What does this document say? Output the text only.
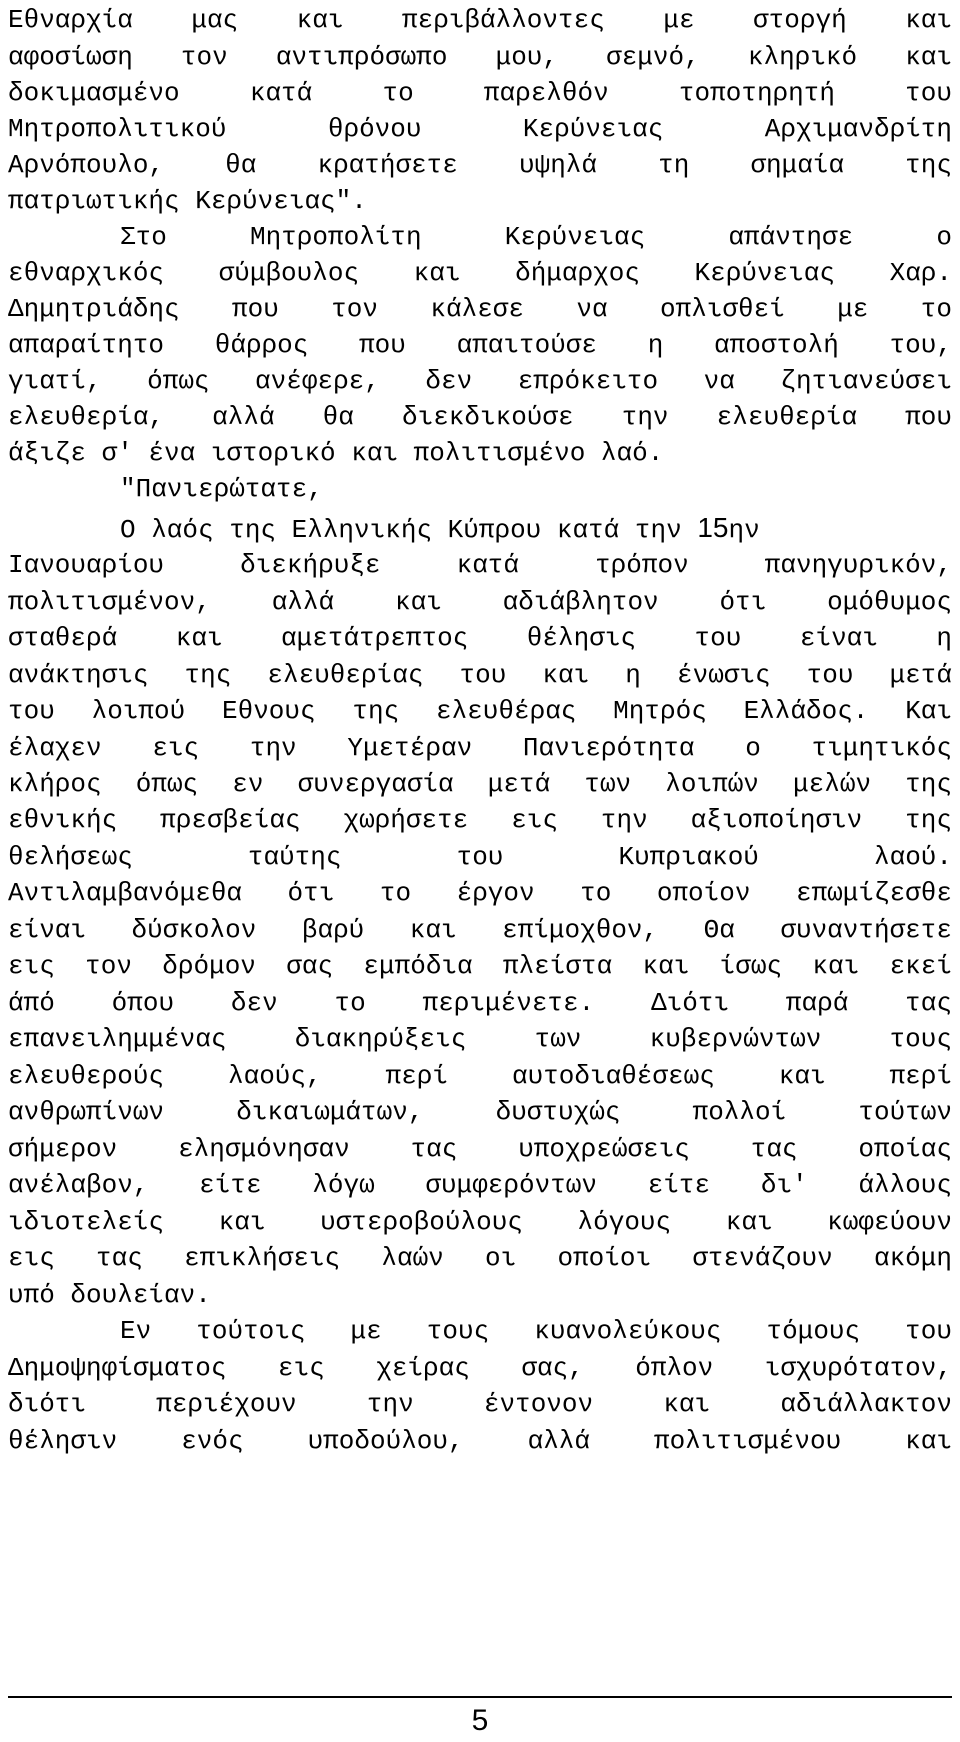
Εθναρχία μας και περιβάλλοντες με στοργή και
αφοσίωση τον αντιπρόσωπο μου, σεμνό, κληρικό και
δοκιμασμένο κατά το παρελθόν τοποτηρητή του
Μητροπολιτικού θρόνου Κερύνειας Αρχιμανδρίτη
Αρνόπουλο, θα κρατήσετε υψηλά τη σημαία της
πατριωτικής Κερύνειας".
Στο Μητροπολίτη Κερύνειας απάντησε ο
εθναρχικός σύμβουλος και δήμαρχος Κερύνειας Χαρ.
Δημητριάδης που τον κάλεσε να οπλισθεί με το
απαραίτητο θάρρος που απαιτούσε η αποστολή του,
γιατί, όπως ανέφερε, δεν επρόκειτο να ζητιανεύσει
ελευθερία, αλλά θα διεκδικούσε την ελευθερία που
άξιζε σ' ένα ιστορικό και πολιτισμένο λαό.
"Πανιερώτατε,
Ο λαός της Ελληνικής Κύπρου κατά την 15ην
Ιανουαρίου διεκήρυξε κατά τρόπον πανηγυρικόν,
πολιτισμένον, αλλά και αδιάβλητον ότι ομόθυμος
σταθερά και αμετάτρεπτος θέλησις του είναι η
ανάκτησις της ελευθερίας του και η ένωσις του μετά
του λοιπού Εθνους της ελευθέρας Μητρός Ελλάδος. Και
έλαχεν εις την Υμετέραν Πανιερότητα ο τιμητικός
κλήρος όπως εν συνεργασία μετά των λοιπών μελών της
εθνικής πρεσβείας χωρήσετε εις την αξιοποίησιν της
θελήσεως ταύτης του Κυπριακού λαού.
Αντιλαμβανόμεθα ότι το έργον το οποίον επωμίζεσθε
είναι δύσκολον βαρύ και επίμοχθον, Θα συναντήσετε
εις τον δρόμον σας εμπόδια πλείστα και ίσως και εκεί
άπό όπου δεν το περιμένετε. Διότι παρά τας
επανειλημμένας διακηρύξεις των κυβερνώντων τους
ελευθερούς λαούς, περί αυτοδιαθέσεως και περί
ανθρωπίνων δικαιωμάτων, δυστυχώς πολλοί τούτων
σήμερον ελησμόνησαν τας υποχρεώσεις τας οποίας
ανέλαβον, είτε λόγω συμφερόντων είτε δι' άλλους
ιδιοτελείς και υστεροβούλους λόγους και κωφεύουν
εις τας επικλήσεις λαών οι οποίοι στενάζουν ακόμη
υπό δουλείαν.
Εν τούτοις με τους κυανολεύκους τόμους του
Δημοψηφίσματος εις χείρας σας, όπλον ισχυρότατον,
διότι περιέχουν την έντονον και αδιάλλακτον
θέλησιν ενός υποδούλου, αλλά πολιτισμένου και
5
